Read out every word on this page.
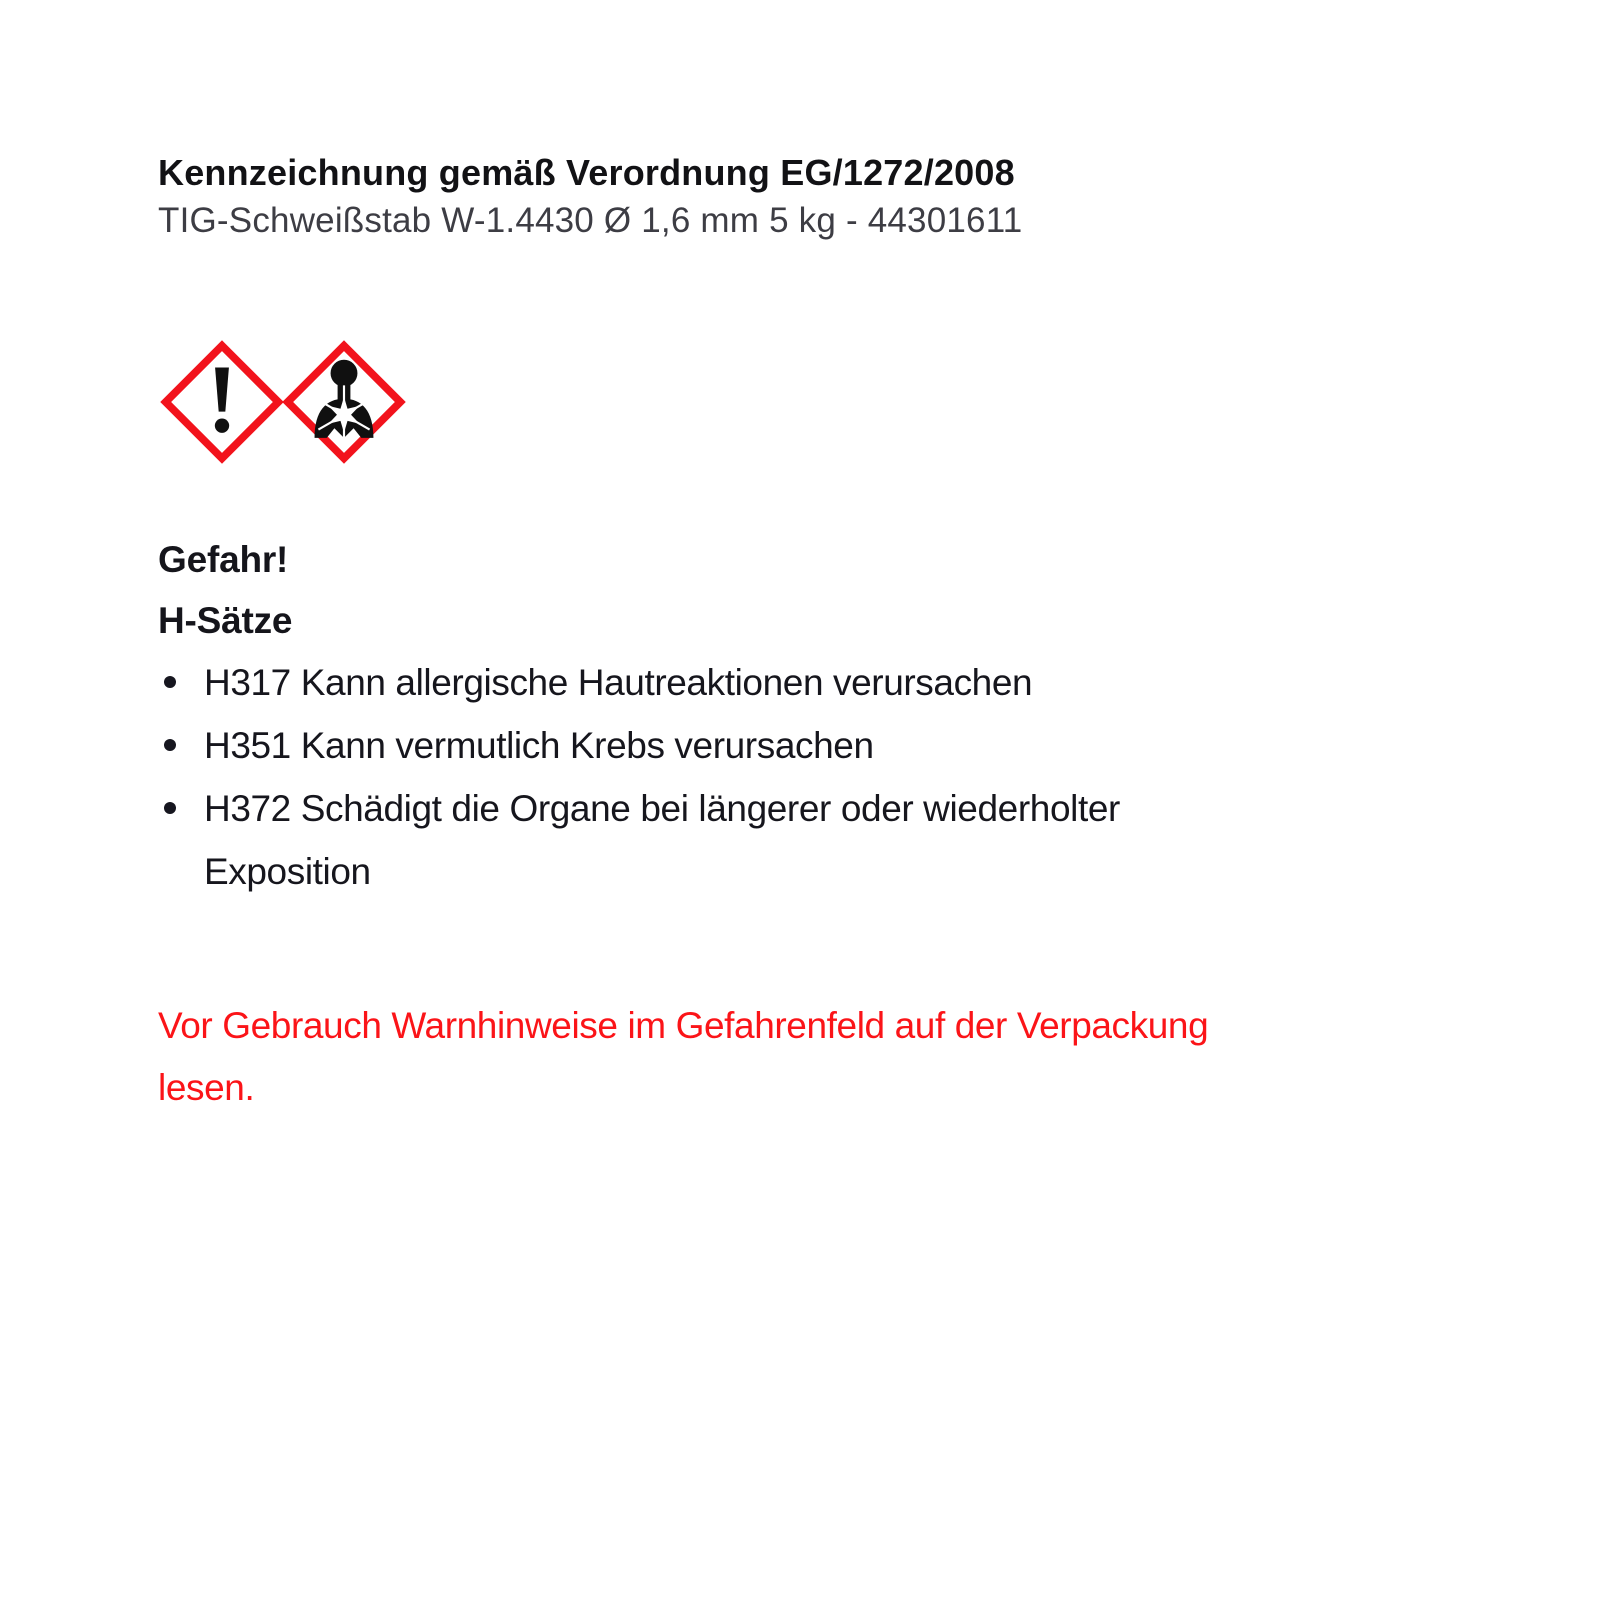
Kennzeichnung gemäß Verordnung EG/1272/2008

TIG-Schweißstab W-1.4430 Ø 1,6 mm 5 kg - 44301611

Gefahr!

H-Sätze

H317 Kann allergische Hautreaktionen verursachen
H351 Kann vermutlich Krebs verursachen
H372 Schädigt die Organe bei längerer oder wiederholter Exposition

Vor Gebrauch Warnhinweise im Gefahrenfeld auf der Verpackung lesen.
